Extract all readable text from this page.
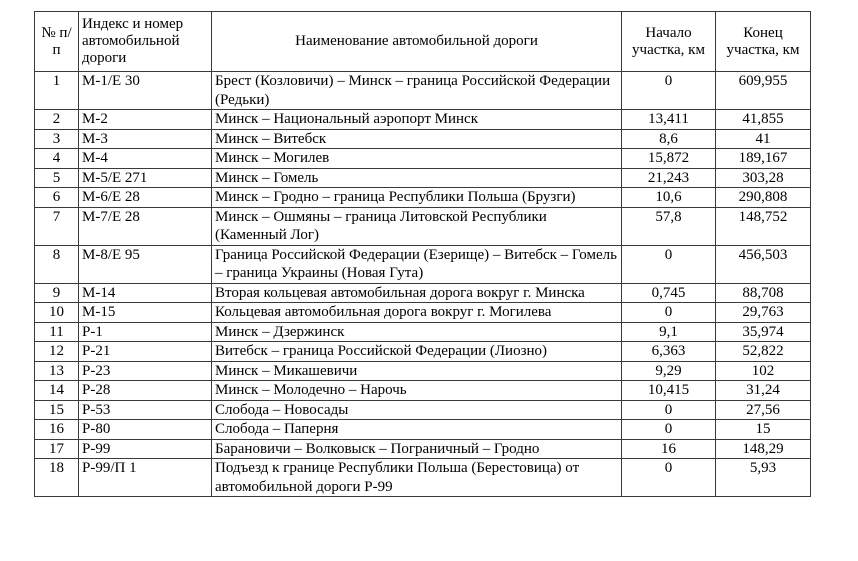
№ п/п	Индекс и номер автомобильной дороги	Наименование автомобильной дороги	Начало участка, км	Конец участка, км
1	М-1/Е 30	Брест (Козловичи) – Минск – граница Российской Федерации (Редьки)	0	609,955
2	М-2	Минск – Национальный аэропорт Минск	13,411	41,855
3	М-3	Минск – Витебск	8,6	41
4	М-4	Минск – Могилев	15,872	189,167
5	М-5/Е 271	Минск – Гомель	21,243	303,28
6	М-6/Е 28	Минск – Гродно – граница Республики Польша (Брузги)	10,6	290,808
7	М-7/Е 28	Минск – Ошмяны – граница Литовской Республики (Каменный Лог)	57,8	148,752
8	М-8/Е 95	Граница Российской Федерации (Езерище) – Витебск – Гомель – граница Украины (Новая Гута)	0	456,503
9	М-14	Вторая кольцевая автомобильная дорога вокруг г. Минска	0,745	88,708
10	М-15	Кольцевая автомобильная дорога вокруг г. Могилева	0	29,763
11	Р-1	Минск – Дзержинск	9,1	35,974
12	Р-21	Витебск – граница Российской Федерации (Лиозно)	6,363	52,822
13	Р-23	Минск – Микашевичи	9,29	102
14	Р-28	Минск – Молодечно – Нарочь	10,415	31,24
15	Р-53	Слобода – Новосады	0	27,56
16	Р-80	Слобода – Паперня	0	15
17	Р-99	Барановичи – Волковыск – Пограничный – Гродно	16	148,29
18	Р-99/П 1	Подъезд к границе Республики Польша (Берестовица) от автомобильной дороги Р-99	0	5,93
